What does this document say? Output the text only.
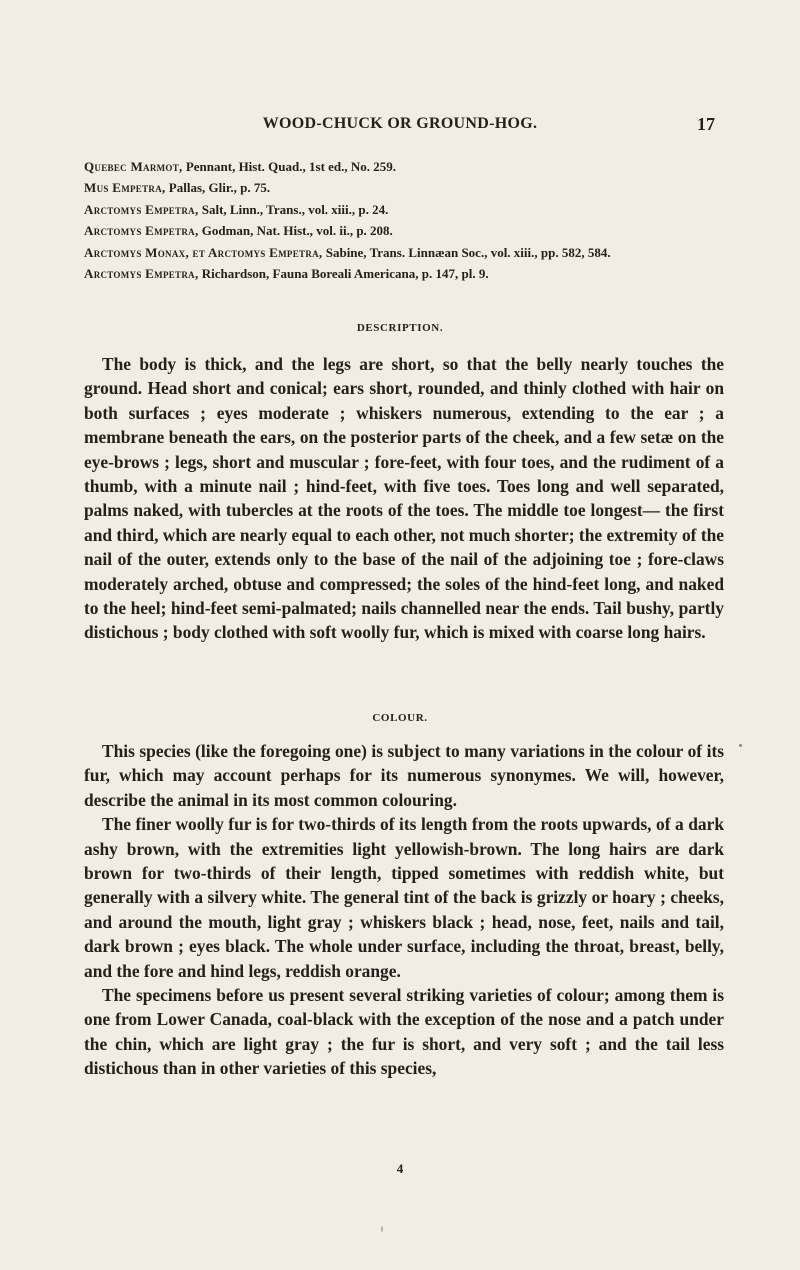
WOOD-CHUCK OR GROUND-HOG.	17

Quebec Marmot, Pennant, Hist. Quad., 1st ed., No. 259.

Mus Empetra, Pallas, Glir., p. 75.

Arctomys Empetra, Salt, Linn., Trans., vol. xiii., p. 24.

Arctomys Empetra, Godman, Nat. Hist., vol. ii., p. 208.

Arctomys Monax, et Arctomys Empetra, Sabine, Trans. Linnæan Soc., vol. xiii., pp. 582, 584.

Arctomys Empetra, Richardson, Fauna Boreali Americana, p. 147, pl. 9.

DESCRIPTION.

The body is thick, and the legs are short, so that the belly nearly touches the ground. Head short and conical; ears short, rounded, and thinly clothed with hair on both surfaces ; eyes moderate ; whiskers numerous, extending to the ear ; a membrane beneath the ears, on the posterior parts of the cheek, and a few setæ on the eye-brows ; legs, short and muscular ; fore-feet, with four toes, and the rudiment of a thumb, with a minute nail ; hind-feet, with five toes. Toes long and well separated, palms naked, with tubercles at the roots of the toes. The middle toe longest— the first and third, which are nearly equal to each other, not much shorter; the extremity of the nail of the outer, extends only to the base of the nail of the adjoining toe ; fore-claws moderately arched, obtuse and compressed; the soles of the hind-feet long, and naked to the heel; hind-feet semi-palmated; nails channelled near the ends. Tail bushy, partly distichous ; body clothed with soft woolly fur, which is mixed with coarse long hairs.

COLOUR.

This species (like the foregoing one) is subject to many variations in the colour of its fur, which may account perhaps for its numerous synonymes. We will, however, describe the animal in its most common colouring.

The finer woolly fur is for two-thirds of its length from the roots upwards, of a dark ashy brown, with the extremities light yellowish-brown. The long hairs are dark brown for two-thirds of their length, tipped sometimes with reddish white, but generally with a silvery white. The general tint of the back is grizzly or hoary ; cheeks, and around the mouth, light gray ; whiskers black ; head, nose, feet, nails and tail, dark brown ; eyes black. The whole under surface, including the throat, breast, belly, and the fore and hind legs, reddish orange.

The specimens before us present several striking varieties of colour; among them is one from Lower Canada, coal-black with the exception of the nose and a patch under the chin, which are light gray ; the fur is short, and very soft ; and the tail less distichous than in other varieties of this species,

4
